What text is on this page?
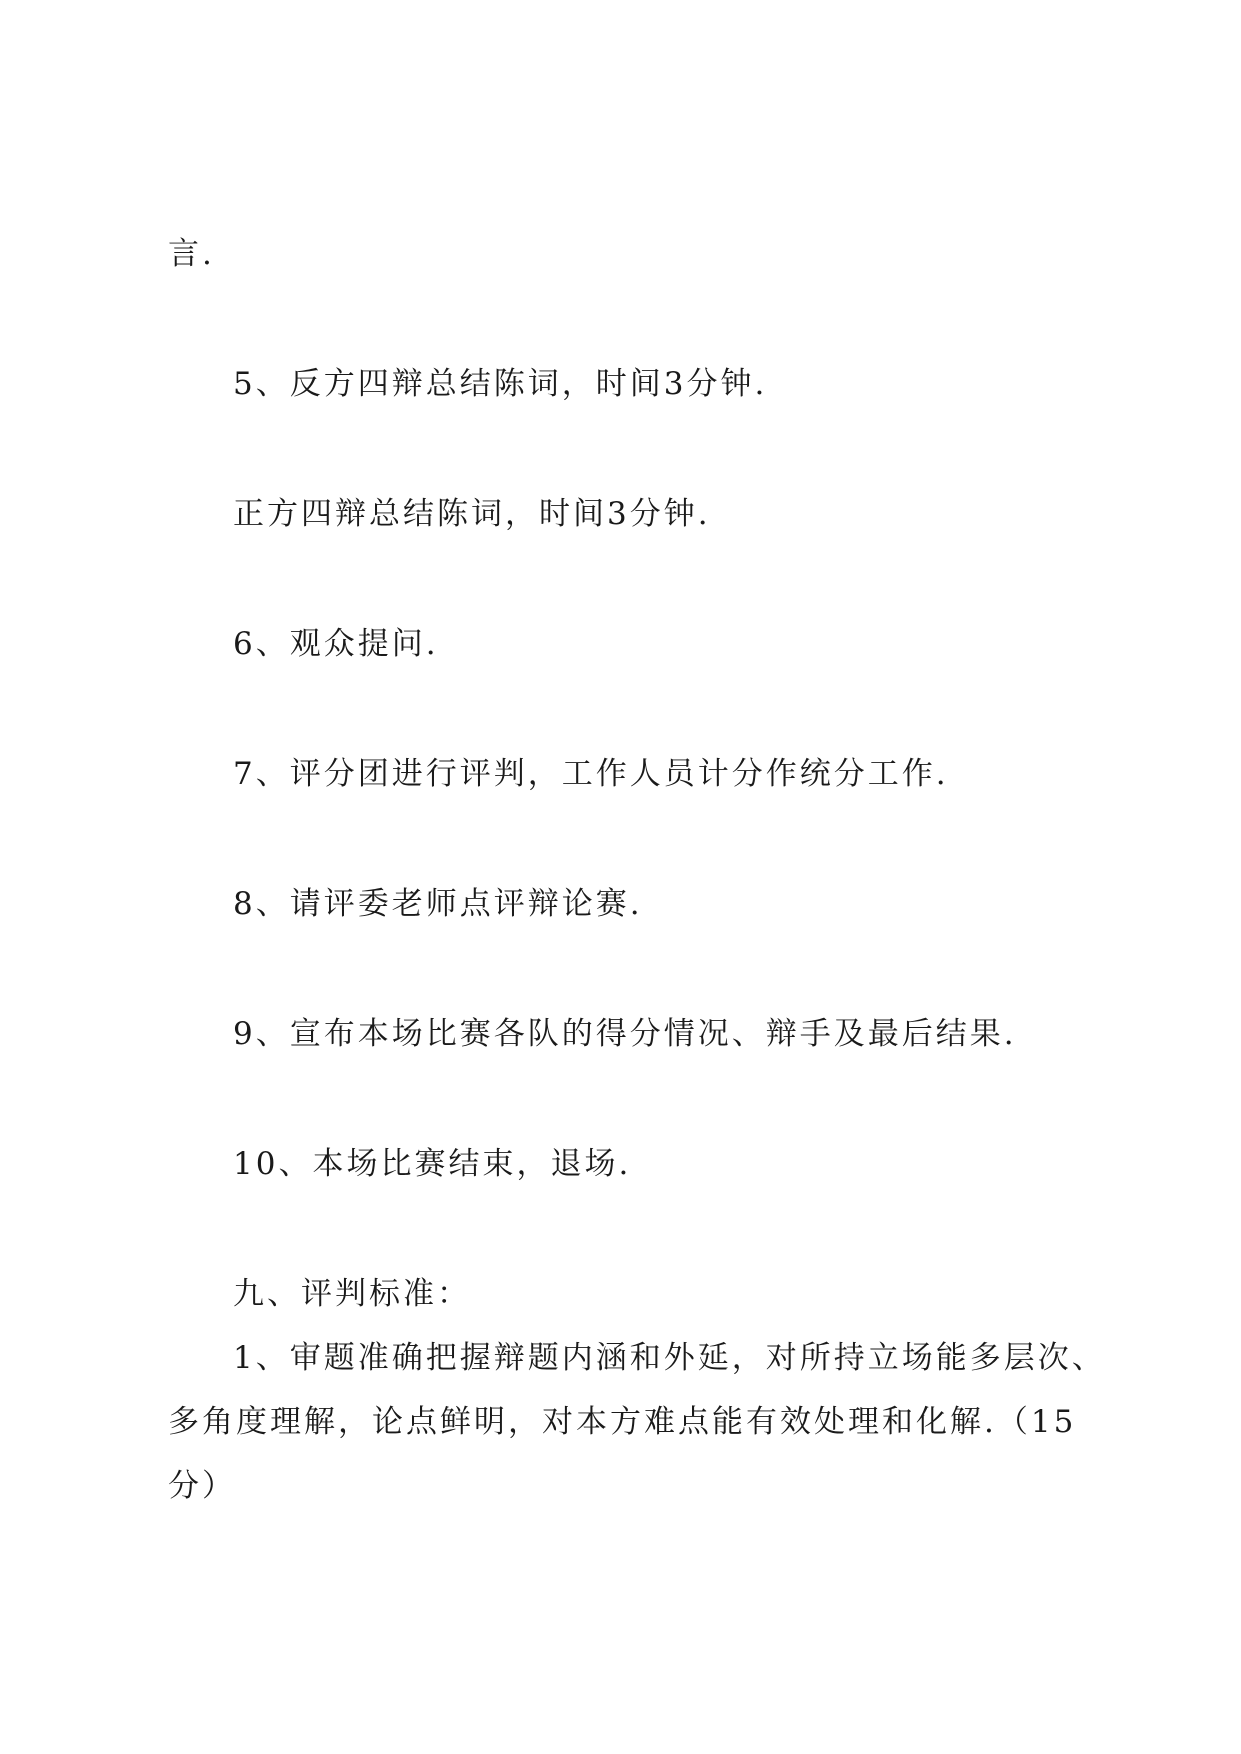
言.
5、反方四辩总结陈词，时间3分钟.
正方四辩总结陈词，时间3分钟.
6、观众提问.
7、评分团进行评判，工作人员计分作统分工作.
8、请评委老师点评辩论赛.
9、宣布本场比赛各队的得分情况、辩手及最后结果.
10、本场比赛结束，退场.
九、评判标准：
1、审题准确把握辩题内涵和外延，对所持立场能多层次、
多角度理解，论点鲜明，对本方难点能有效处理和化解.（15
分）
